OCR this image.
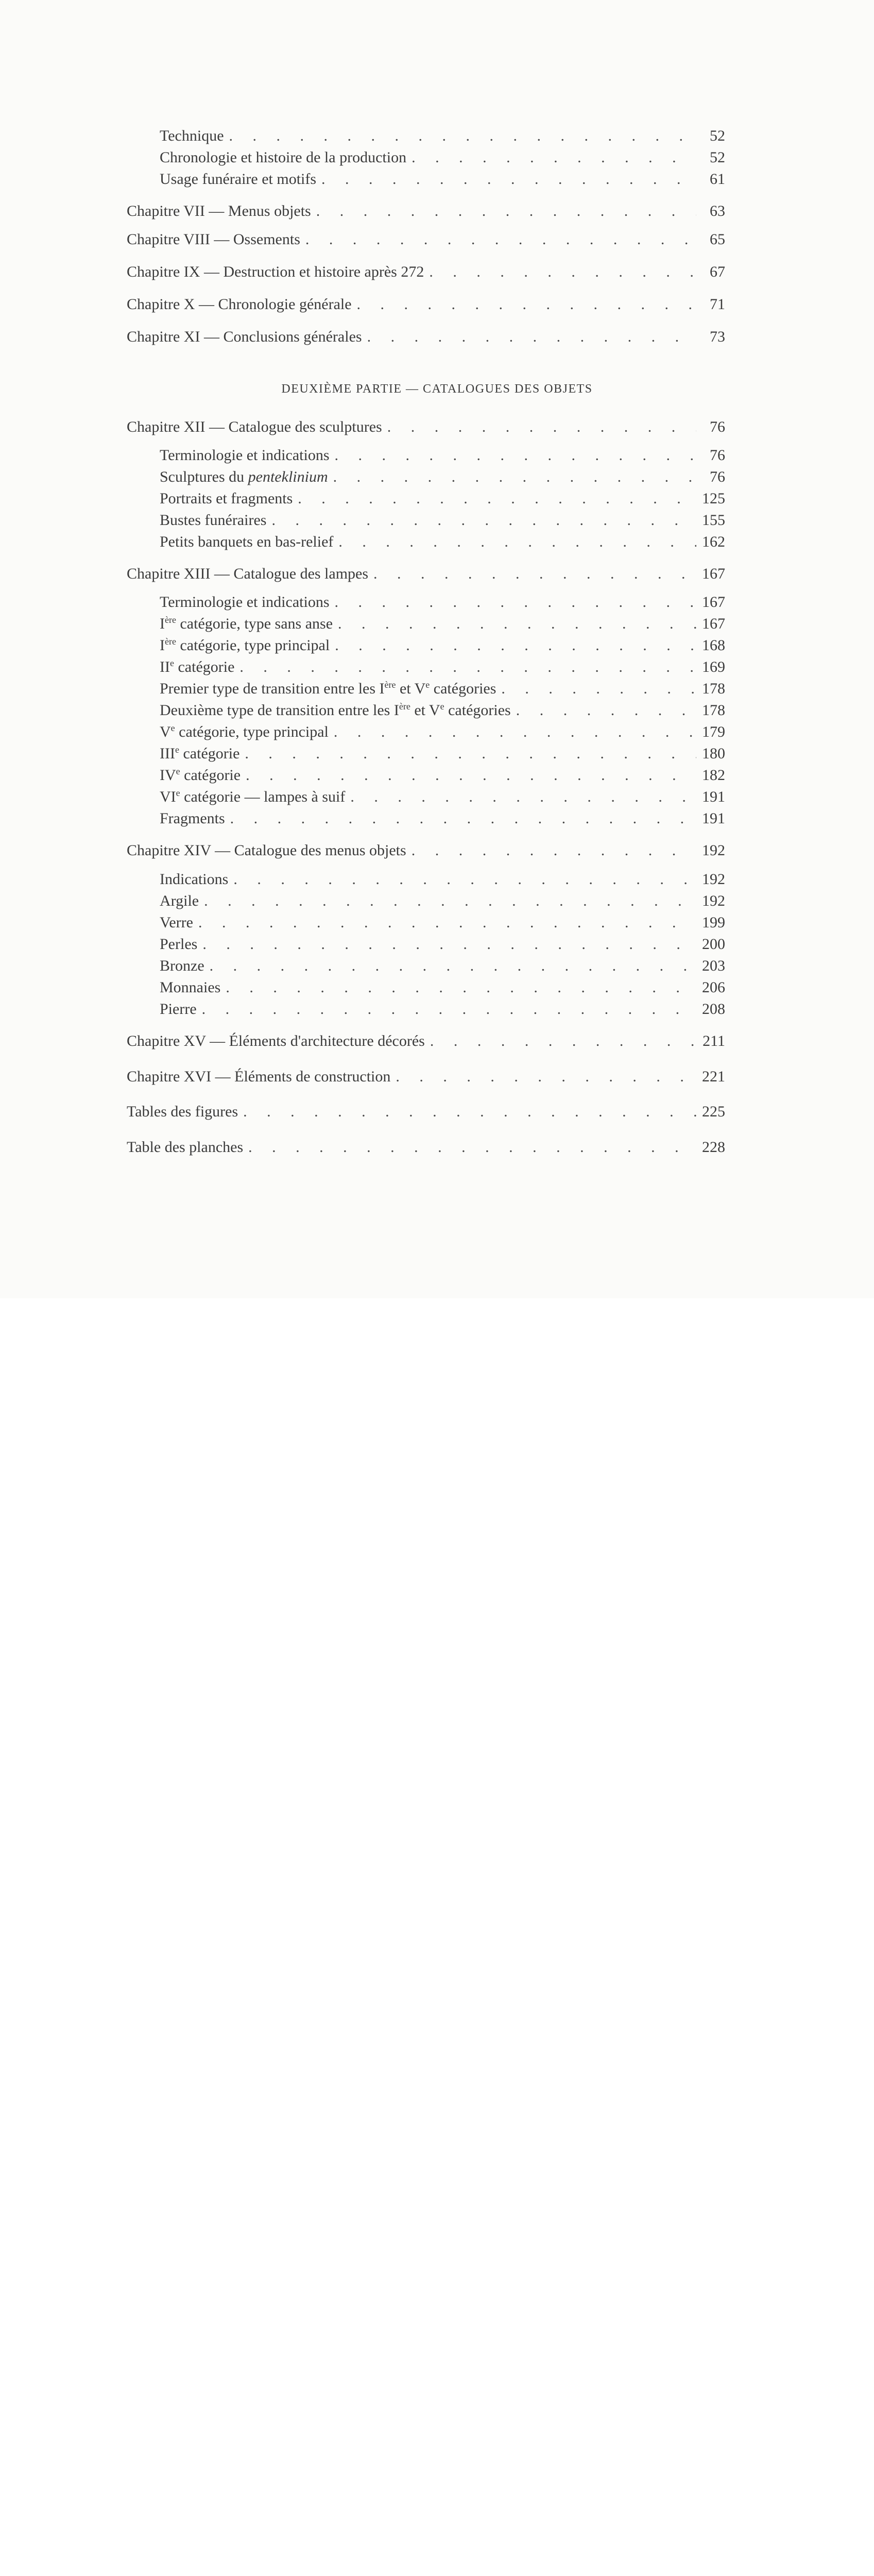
Technique . . .	52
Chronologie et histoire de la production . . .	52
Usage funéraire et motifs . . .	61
Chapitre VII — Menus objets . . .	63
Chapitre VIII — Ossements . . .	65
Chapitre IX — Destruction et histoire après 272 . . .	67
Chapitre X — Chronologie générale . . .	71
Chapitre XI — Conclusions générales . . .	73
DEUXIÈME PARTIE — CATALOGUES DES OBJETS
Chapitre XII — Catalogue des sculptures . . .	76
Terminologie et indications . . .	76
Sculptures du penteklinium . . .	76
Portraits et fragments . . .	125
Bustes funéraires . . .	155
Petits banquets en bas-relief . . .	162
Chapitre XIII — Catalogue des lampes . . .	167
Terminologie et indications . . .	167
Ière catégorie, type sans anse . . .	167
Ière catégorie, type principal . . .	168
IIe catégorie . . .	169
Premier type de transition entre les Ière et Ve catégories . . .	178
Deuxième type de transition entre les Ière et Ve catégories . . .	178
Ve catégorie, type principal . . .	179
IIIe catégorie . . .	180
IVe catégorie . . .	182
VIe catégorie — lampes à suif . . .	191
Fragments . . .	191
Chapitre XIV — Catalogue des menus objets . . .	192
Indications . . .	192
Argile . . .	192
Verre . . .	199
Perles . . .	200
Bronze . . .	203
Monnaies . . .	206
Pierre . . .	208
Chapitre XV — Éléments d'architecture décorés . . .	211
Chapitre XVI — Éléments de construction . . .	221
Tables des figures . . .	225
Table des planches . . .	228
